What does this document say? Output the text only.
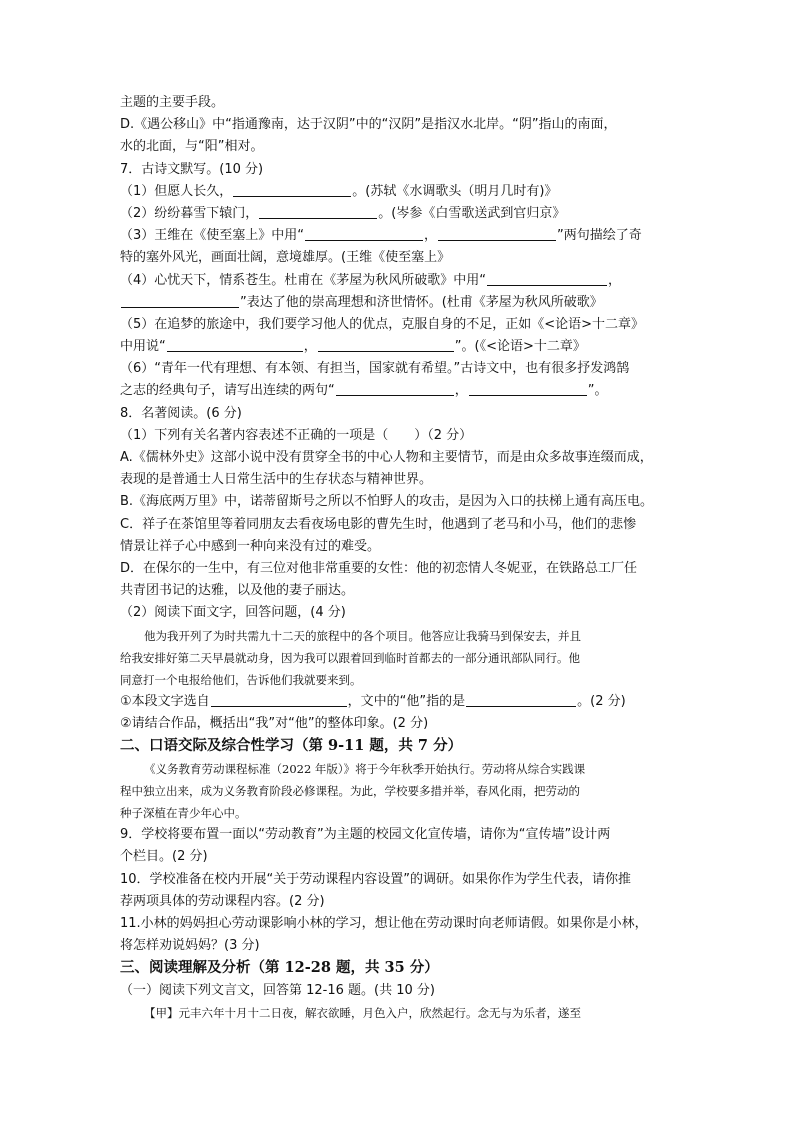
主题的主要手段。
D.《遇公移山》中“指通豫南，达于汉阴”中的“汉阴”是指汉水北岸。“阴”指山的南面，
水的北面，与“阳”相对。
7．古诗文默写。(10 分)
（1）但愿人长久，	。(苏轼《水调歌头（明月几时有)》
（2）纷纷暮雪下辕门，	。(岑参《白雪歌送武到官归京》
（3）王维在《使至塞上》中用“	，	”两句描绘了奇
特的塞外风光，画面壮阔，意境雄厚。(王维《使至塞上》
（4）心忧天下，情系苍生。杜甫在《茅屋为秋风所破歌》中用“	，
”表达了他的崇高理想和济世情怀。(杜甫《茅屋为秋风所破歌》
（5）在追梦的旅途中，我们要学习他人的优点，克服自身的不足，正如《<论语>十二章》
中用说“	，	”。(《<论语>十二章》
（6）“青年一代有理想、有本领、有担当，国家就有希望。”古诗文中，也有很多抒发鸿鹄
之志的经典句子，请写出连续的两句“	，	”。
8．名著阅读。(6 分)
（1）下列有关名著内容表述不正确的一项是（　　）（2 分）
A.《儒林外史》这部小说中没有贯穿全书的中心人物和主要情节，而是由众多故事连缀而成，
表现的是普通士人日常生活中的生存状态与精神世界。
B.《海底两万里》中，诺蒂留斯号之所以不怕野人的攻击，是因为入口的扶梯上通有高压电。
C．祥子在茶馆里等着同朋友去看夜场电影的曹先生时，他遇到了老马和小马，他们的悲惨
情景让祥子心中感到一种向来没有过的难受。
D．在保尔的一生中，有三位对他非常重要的女性：他的初恋情人冬妮亚，在铁路总工厂任
共青团书记的达雅，以及他的妻子丽达。
（2）阅读下面文字，回答问题，(4 分)
他为我开列了为时共需九十二天的旅程中的各个项目。他答应让我骑马到保安去，并且
给我安排好第二天早晨就动身，因为我可以跟着回到临时首都去的一部分通讯部队同行。他
同意打一个电报给他们，告诉他们我就要来到。
①本段文字选自	，文中的“他”指的是	。(2 分)
②请结合作品，概括出“我”对“他”的整体印象。(2 分)
二、口语交际及综合性学习（第 9-11 题，共 7 分）
《义务教育劳动课程标准（2022 年版）》将于今年秋季开始执行。劳动将从综合实践课
程中独立出来，成为义务教育阶段必修课程。为此，学校要多措并举，春风化雨，把劳动的
种子深植在青少年心中。
9．学校将要布置一面以“劳动教育”为主题的校园文化宣传墙，请你为“宣传墙”设计两
个栏目。(2 分)
10．学校准备在校内开展“关于劳动课程内容设置”的调研。如果你作为学生代表，请你推
荐两项具体的劳动课程内容。(2 分)
11.小林的妈妈担心劳动课影响小林的学习，想让他在劳动课时向老师请假。如果你是小林，
将怎样劝说妈妈？(3 分)
三、阅读理解及分析（第 12-28 题，共 35 分）
（一）阅读下列文言文，回答第 12-16 题。(共 10 分)
【甲】元丰六年十月十二日夜，解衣欲睡，月色入户，欣然起行。念无与为乐者，遂至
